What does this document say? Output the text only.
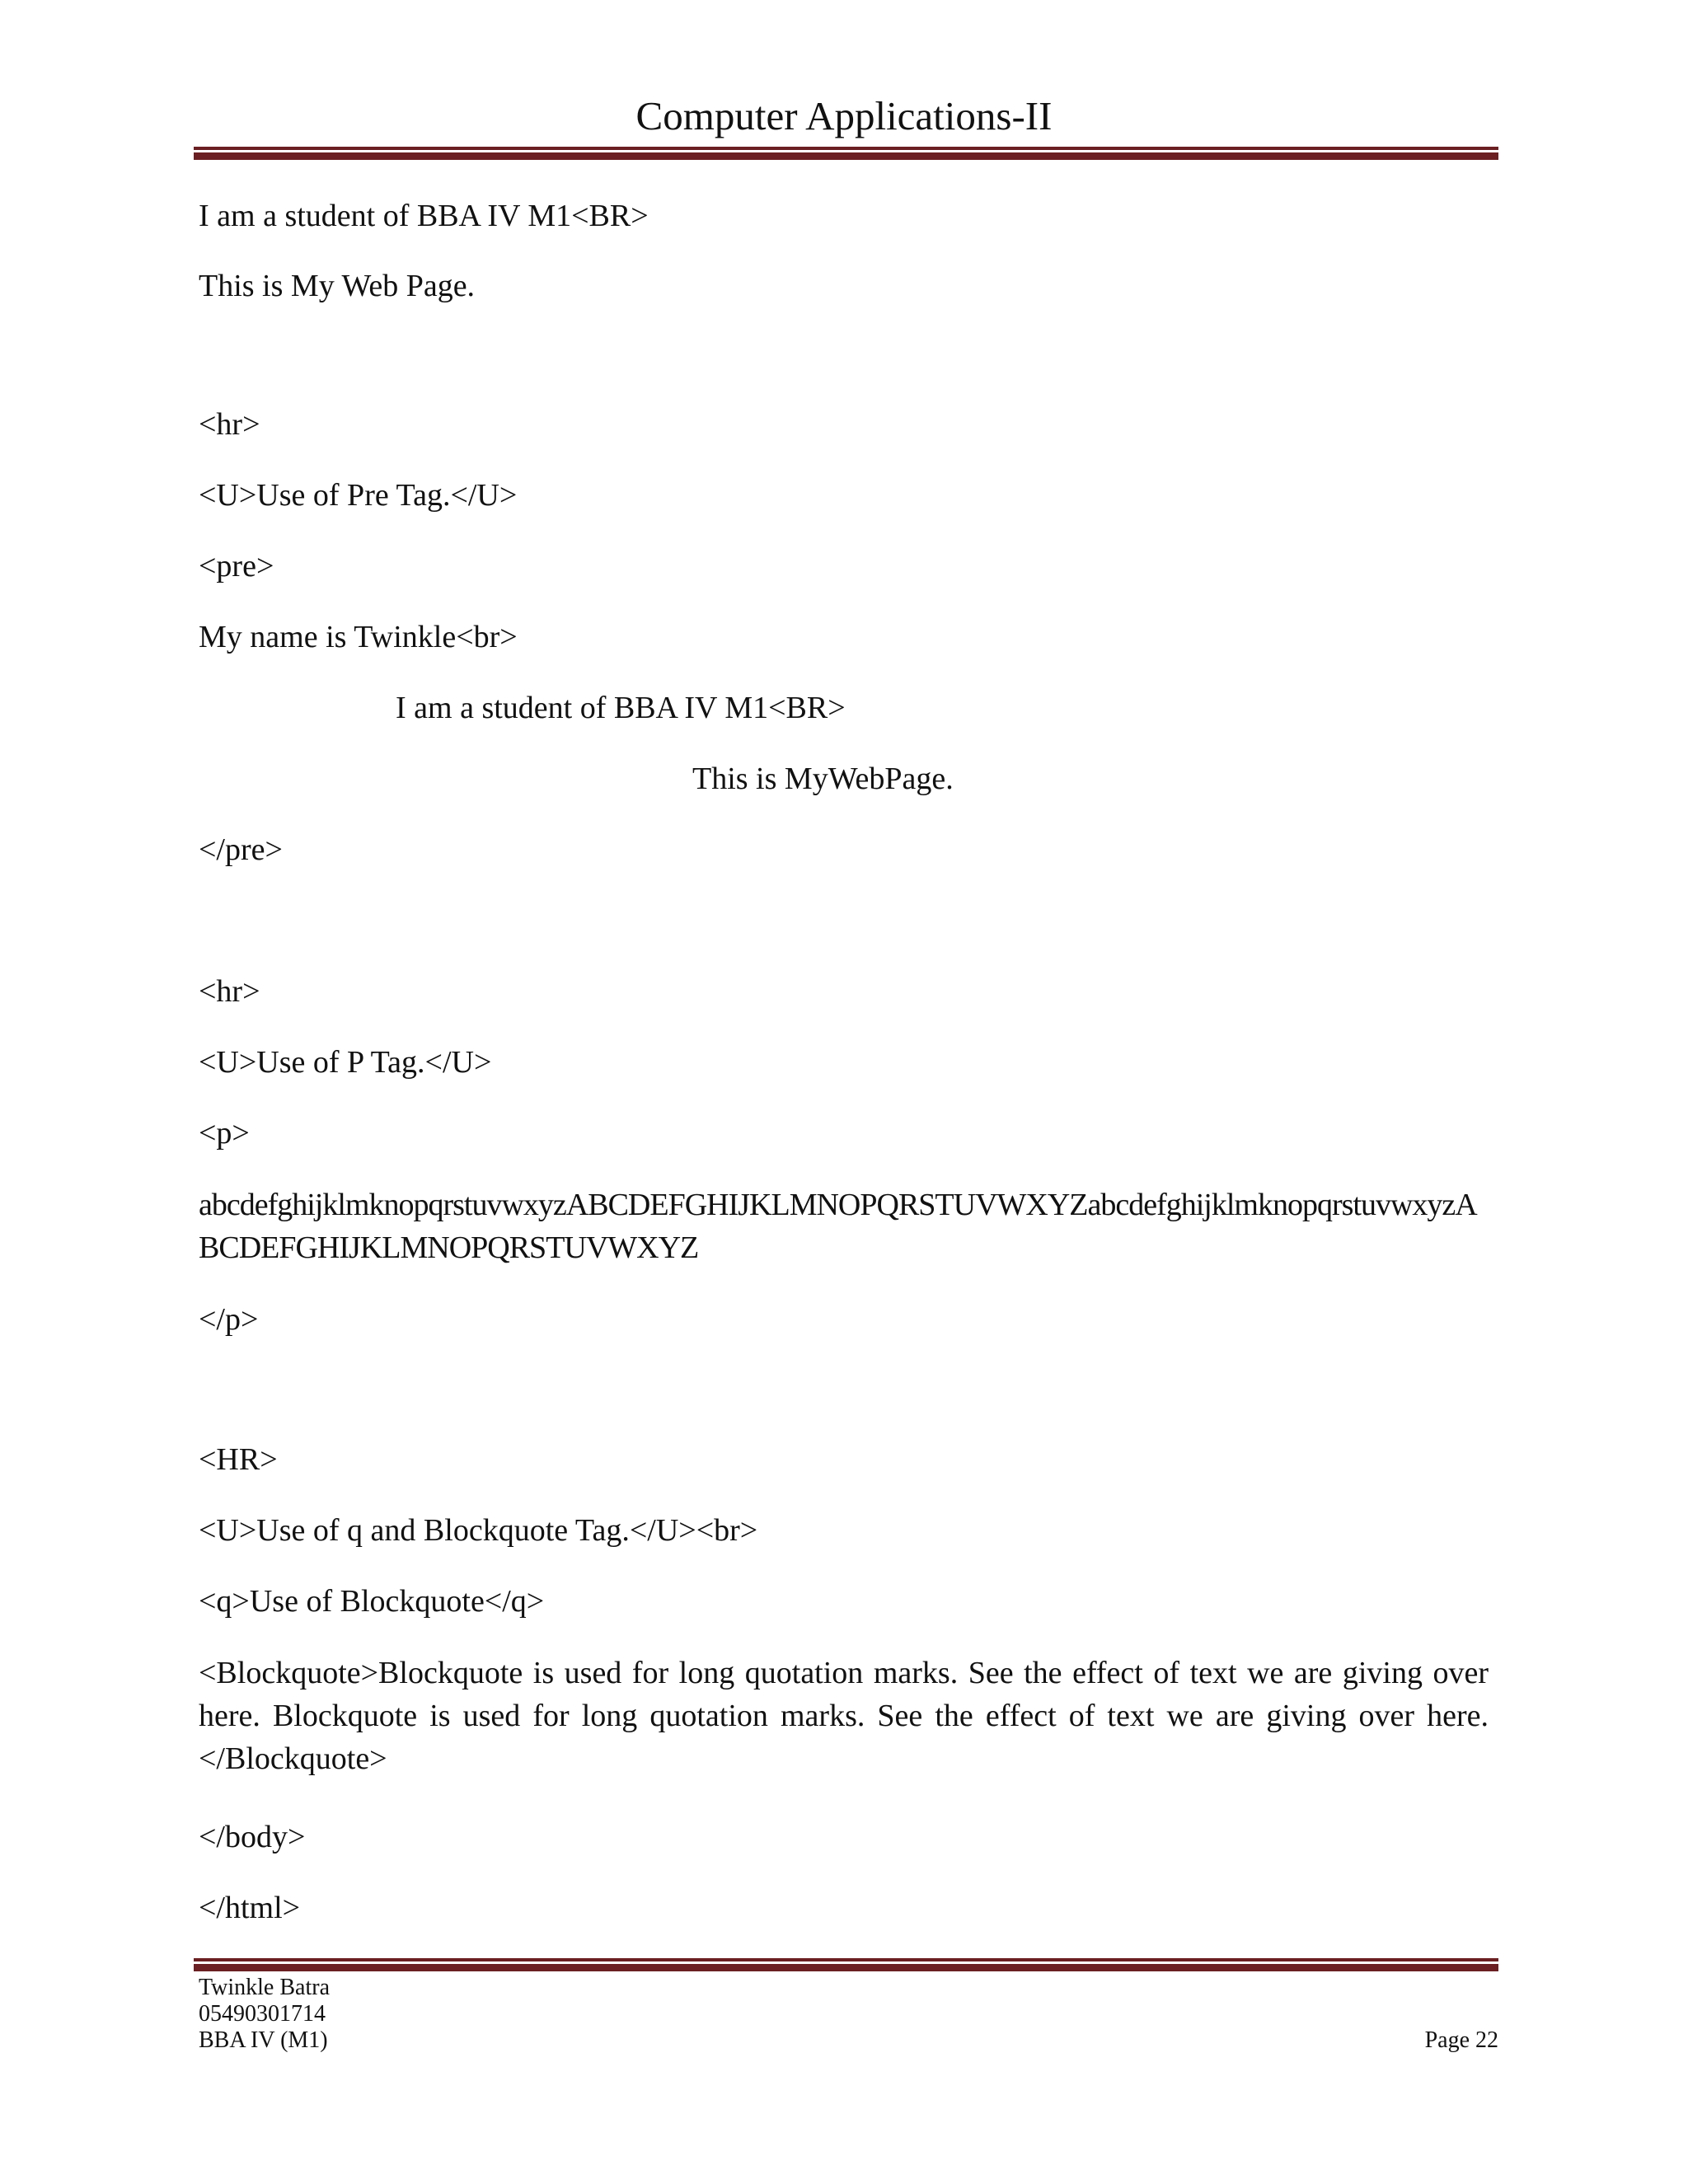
Computer Applications-II
I am a student of BBA IV M1<BR>
This is My Web Page.
<hr>
<U>Use of Pre Tag.</U>
<pre>
My name is Twinkle<br>
I am a student of BBA IV M1<BR>
This is MyWebPage.
</pre>
<hr>
<U>Use of P Tag.</U>
<p>
abcdefghijklmknopqrstuvwxyzABCDEFGHIJKLMNOPQRSTUVWXYZabcdefghijklmknopqrstuvwxyzABCDEFGHIJKLMNOPQRSTUVWXYZ
</p>
<HR>
<U>Use of q and Blockquote Tag.</U><br>
<q>Use of Blockquote</q>
<Blockquote>Blockquote is used for long quotation marks. See the effect of text we are giving over here. Blockquote is used for long quotation marks. See the effect of text we are giving over here.</Blockquote>
</body>
</html>
Twinkle Batra
05490301714
BBA IV (M1)	Page 22
